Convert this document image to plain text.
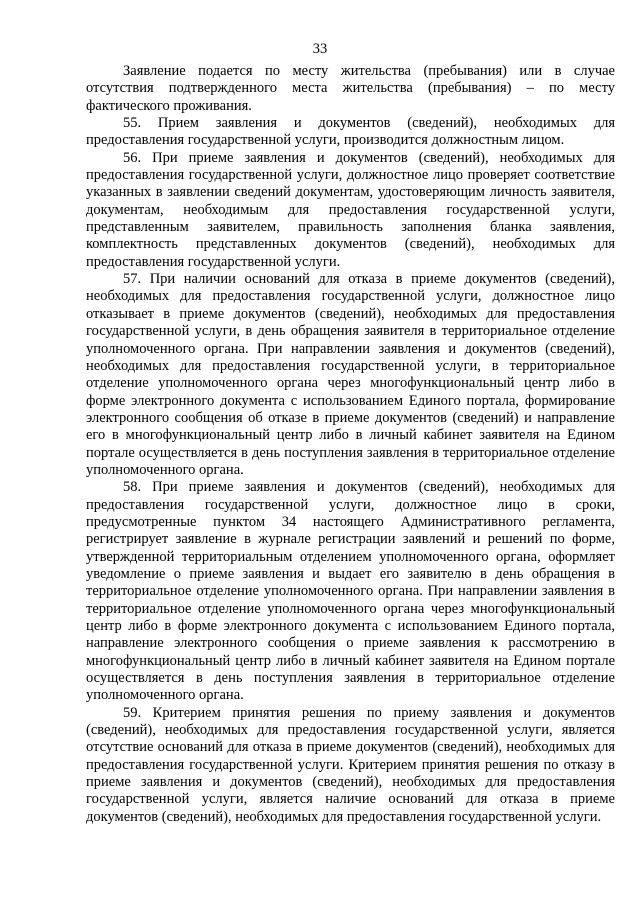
33

Заявление подается по месту жительства (пребывания) или в случае отсутствия подтвержденного места жительства (пребывания) – по месту фактического проживания.

55. Прием заявления и документов (сведений), необходимых для предоставления государственной услуги, производится должностным лицом.

56. При приеме заявления и документов (сведений), необходимых для предоставления государственной услуги, должностное лицо проверяет соответствие указанных в заявлении сведений документам, удостоверяющим личность заявителя, документам, необходимым для предоставления государственной услуги, представленным заявителем, правильность заполнения бланка заявления, комплектность представленных документов (сведений), необходимых для предоставления государственной услуги.

57. При наличии оснований для отказа в приеме документов (сведений), необходимых для предоставления государственной услуги, должностное лицо отказывает в приеме документов (сведений), необходимых для предоставления государственной услуги, в день обращения заявителя в территориальное отделение уполномоченного органа. При направлении заявления и документов (сведений), необходимых для предоставления государственной услуги, в территориальное отделение уполномоченного органа через многофункциональный центр либо в форме электронного документа с использованием Единого портала, формирование электронного сообщения об отказе в приеме документов (сведений) и направление его в многофункциональный центр либо в личный кабинет заявителя на Едином портале осуществляется в день поступления заявления в территориальное отделение уполномоченного органа.

58. При приеме заявления и документов (сведений), необходимых для предоставления государственной услуги, должностное лицо в сроки, предусмотренные пунктом 34 настоящего Административного регламента, регистрирует заявление в журнале регистрации заявлений и решений по форме, утвержденной территориальным отделением уполномоченного органа, оформляет уведомление о приеме заявления и выдает его заявителю в день обращения в территориальное отделение уполномоченного органа. При направлении заявления в территориальное отделение уполномоченного органа через многофункциональный центр либо в форме электронного документа с использованием Единого портала, направление электронного сообщения о приеме заявления к рассмотрению в многофункциональный центр либо в личный кабинет заявителя на Едином портале осуществляется в день поступления заявления в территориальное отделение уполномоченного органа.

59. Критерием принятия решения по приему заявления и документов (сведений), необходимых для предоставления государственной услуги, является отсутствие оснований для отказа в приеме документов (сведений), необходимых для предоставления государственной услуги. Критерием принятия решения по отказу в приеме заявления и документов (сведений), необходимых для предоставления государственной услуги, является наличие оснований для отказа в приеме документов (сведений), необходимых для предоставления государственной услуги.
